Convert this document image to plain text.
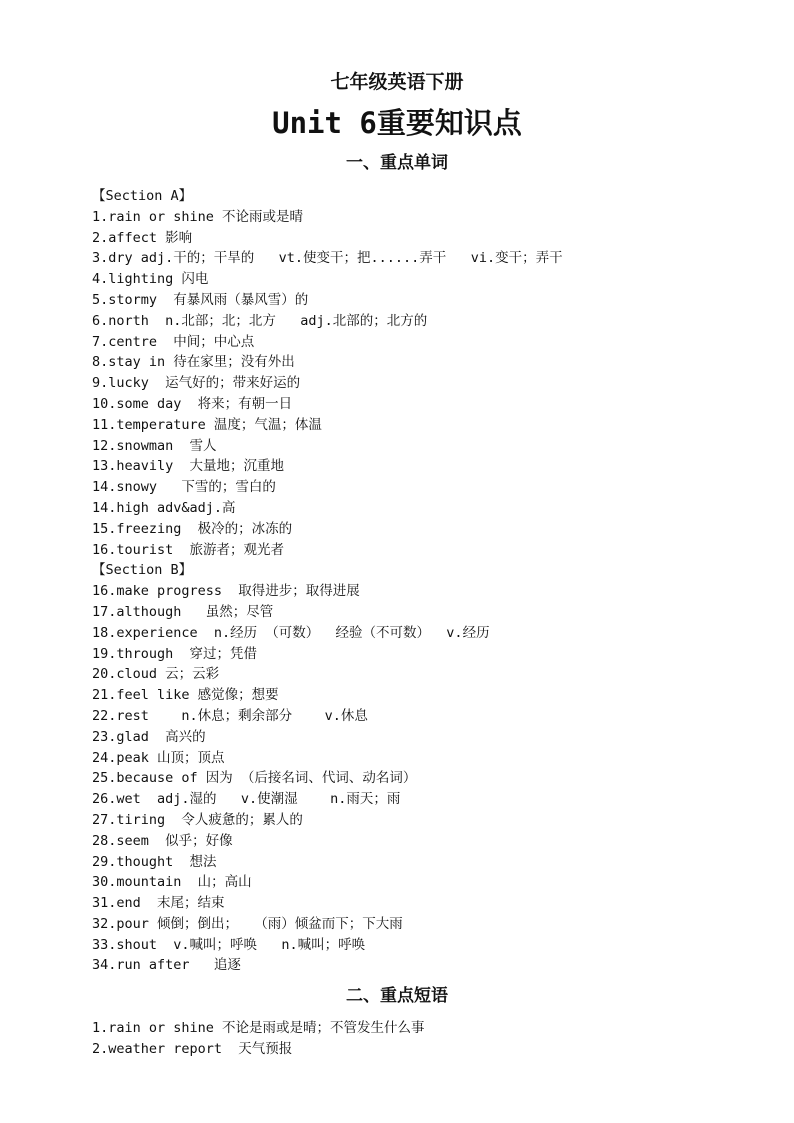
七年级英语下册
Unit 6重要知识点
一、重点单词
【Section A】
1.rain or shine 不论雨或是晴
2.affect 影响
3.dry adj.干的；干旱的   vt.使变干；把......弄干   vi.变干；弄干
4.lighting 闪电
5.stormy  有暴风雨（暴风雪）的
6.north  n.北部；北；北方   adj.北部的；北方的
7.centre  中间；中心点
8.stay in 待在家里；没有外出
9.lucky  运气好的；带来好运的
10.some day  将来；有朝一日
11.temperature 温度；气温；体温
12.snowman  雪人
13.heavily  大量地；沉重地
14.snowy   下雪的；雪白的
14.high adv&adj.高
15.freezing  极冷的；冰冻的
16.tourist  旅游者；观光者
【Section B】
16.make progress  取得进步；取得进展
17.although   虽然；尽管
18.experience  n.经历 （可数）  经验（不可数）  v.经历
19.through  穿过；凭借
20.cloud 云；云彩
21.feel like 感觉像；想要
22.rest    n.休息；剩余部分    v.休息
23.glad  高兴的
24.peak 山顶；顶点
25.because of 因为 （后接名词、代词、动名词）
26.wet  adj.湿的   v.使潮湿    n.雨天；雨
27.tiring  令人疲惫的；累人的
28.seem  似乎；好像
29.thought  想法
30.mountain  山；高山
31.end  末尾；结束
32.pour 倾倒；倒出；  （雨）倾盆而下；下大雨
33.shout  v.喊叫；呼唤   n.喊叫；呼唤
34.run after   追逐
二、重点短语
1.rain or shine 不论是雨或是晴；不管发生什么事
2.weather report  天气预报
